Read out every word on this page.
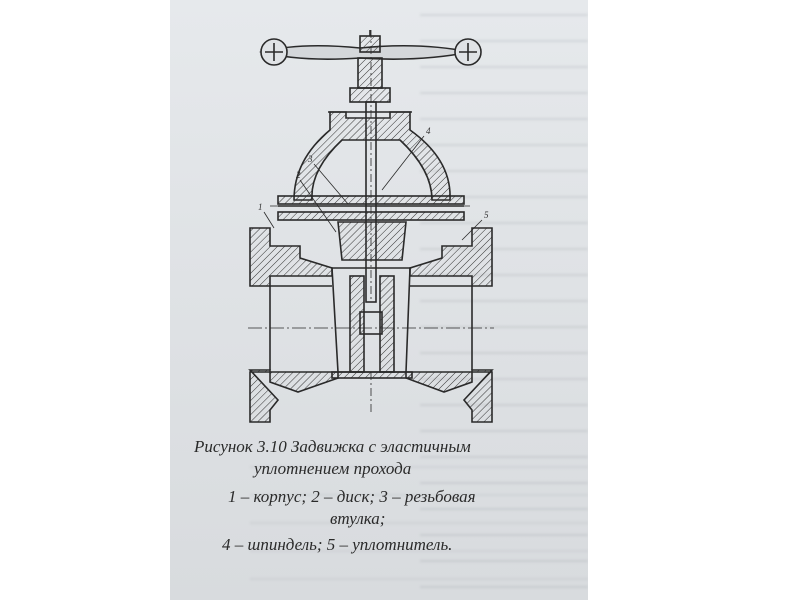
1
2
3
4
5
Рисунок 3.10 Задвижка с эластичным
уплотнением прохода
1 – корпус; 2 – диск; 3 – резьбовая
втулка;
4 – шпиндель; 5 – уплотнитель.
